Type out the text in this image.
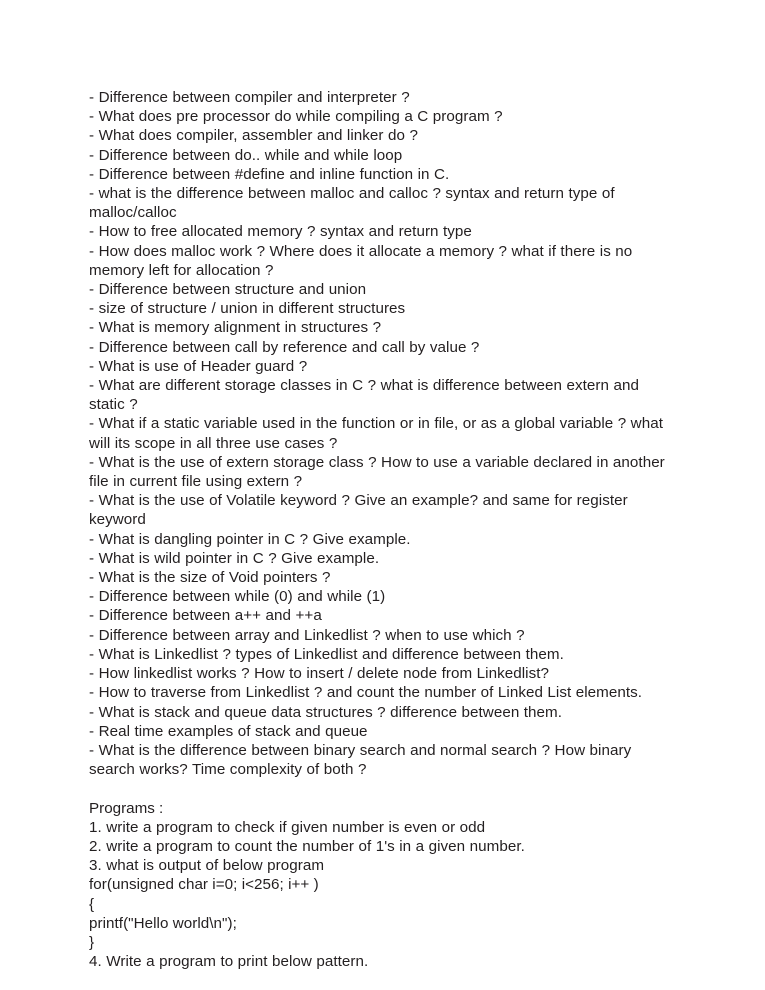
- Difference between compiler and interpreter ?
- What does pre processor do while compiling a C program ?
- What does compiler, assembler and linker do ?
- Difference between do.. while and while loop
- Difference between #define and inline function in C.
- what is the difference between malloc and calloc ? syntax and return type of malloc/calloc
- How to free allocated memory ? syntax and return type
- How does malloc work ? Where does it allocate a memory ? what if there is no memory left for allocation ?
- Difference between structure and union
- size of structure / union in different structures
- What is memory alignment in structures ?
- Difference between call by reference and call by value ?
- What is use of Header guard ?
- What are different storage classes in C ? what is difference between extern and static ?
- What if a static variable used in the function or in file, or as a global variable ? what will its scope in all three use cases ?
- What is the use of extern storage class ? How to use a variable declared in another file in current file using extern ?
- What is the use of Volatile keyword ? Give an example? and same for register keyword
- What is dangling pointer in C ? Give example.
- What is wild pointer in C ? Give example.
- What is the size of Void pointers ?
- Difference between while (0) and while (1)
- Difference between a++ and ++a
- Difference between array and Linkedlist ? when to use which ?
- What is Linkedlist ? types of Linkedlist and difference between them.
- How linkedlist works ? How to insert / delete node from Linkedlist?
- How to traverse from Linkedlist ? and count the number of Linked List elements.
- What is stack and queue data structures ? difference between them.
- Real time examples of stack and queue
- What is the difference between binary search and normal search ? How binary search works? Time complexity of both ?

Programs :
1. write a program to check if given number is even or odd
2. write a program to count the number of 1's in a given number.
3. what is output of below program
for(unsigned char i=0; i<256; i++ )
{
printf("Hello world\n");
}
4. Write a program to print below pattern.
